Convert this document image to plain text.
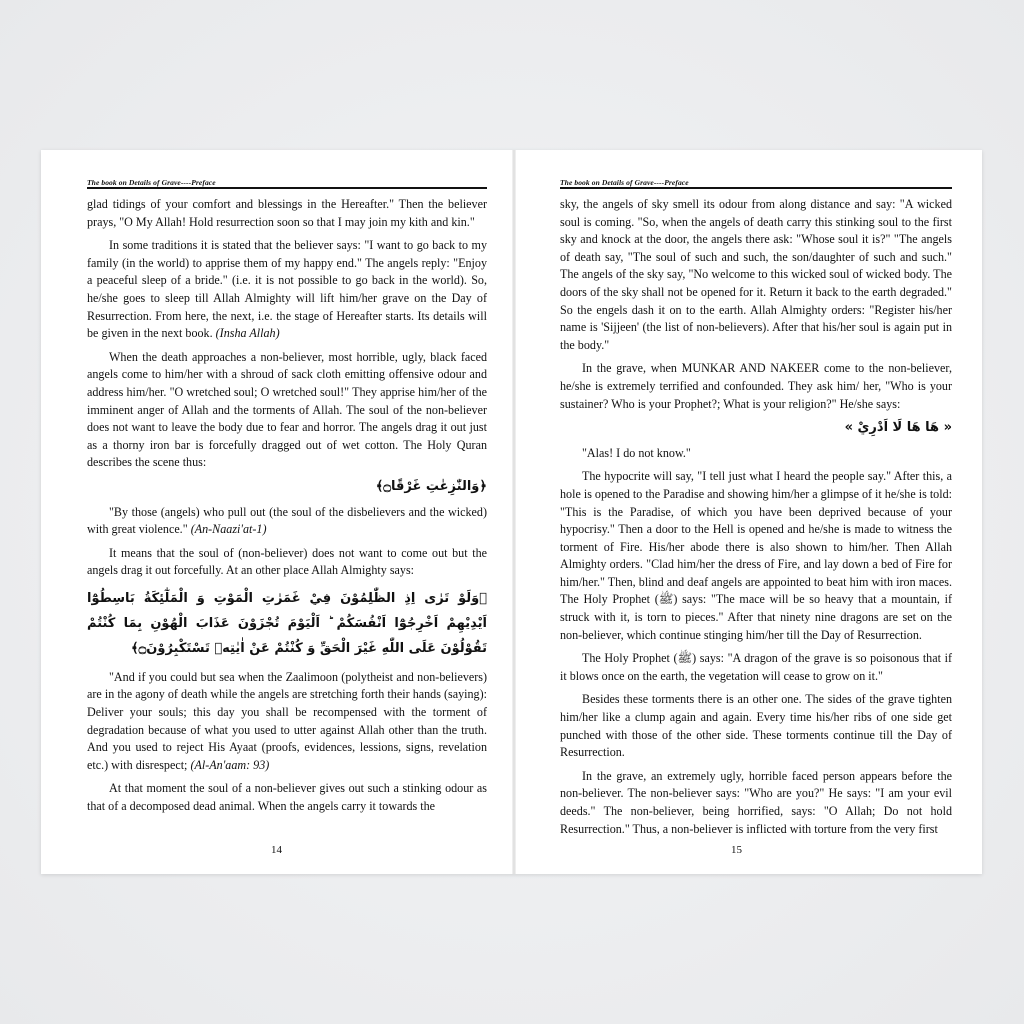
The book on Details of Grave----Preface

glad tidings of your comfort and blessings in the Hereafter." Then the believer prays, "O My Allah! Hold resurrection soon so that I may join my kith and kin."

In some traditions it is stated that the believer says: "I want to go back to my family (in the world) to apprise them of my happy end." The angels reply: "Enjoy a peaceful sleep of a bride." (i.e. it is not possible to go back in the world). So, he/she goes to sleep till Allah Almighty will lift him/her grave on the Day of Resurrection. From here, the next, i.e. the stage of Hereafter starts. Its details will be given in the next book. (Insha Allah)

When the death approaches a non-believer, most horrible, ugly, black faced angels come to him/her with a shroud of sack cloth emitting offensive odour and address him/her. "O wretched soul; O wretched soul!" They apprise him/her of the imminent anger of Allah and the torments of Allah. The soul of the non-believer does not want to leave the body due to fear and horror. The angels drag it out just as a thorny iron bar is forcefully dragged out of wet cotton. The Holy Quran describes the scene thus:

﴿وَالنّٰزِعٰتِ غَرْقًا۝﴾

"By those (angels) who pull out (the soul of the disbelievers and the wicked) with great violence." (An-Naazi'at-1)

It means that the soul of (non-believer) does not want to come out but the angels drag it out forcefully. At an other place Allah Almighty says:

﴿وَلَوْ تَرٰى اِذِ الظّٰلِمُوْنَ فِيْ غَمَرٰتِ الْمَوْتِ وَ الْمَلٰٓئِكَةُ بَاسِطُوْٓا اَيْدِيْهِمْ اَخْرِجُوْٓا اَنْفُسَكُمْ ؕ اَلْيَوْمَ تُجْزَوْنَ عَذَابَ الْهُوْنِ بِمَا كُنْتُمْ تَقُوْلُوْنَ عَلَى اللّٰهِ غَيْرَ الْحَقِّ وَ كُنْتُمْ عَنْ اٰيٰتِهٖ تَسْتَكْبِرُوْنَ۝﴾

"And if you could but sea when the Zaalimoon (polytheist and non-believers) are in the agony of death while the angels are stretching forth their hands (saying): Deliver your souls; this day you shall be recompensed with the torment of degradation because of what you used to utter against Allah other than the truth. And you used to reject His Ayaat (proofs, evidences, lessions, signs, revelation etc.) with disrespect; (Al-An'aam: 93)

At that moment the soul of a non-believer gives out such a stinking odour as that of a decomposed dead animal. When the angels carry it towards the

14
The book on Details of Grave----Preface

sky, the angels of sky smell its odour from along distance and say: "A wicked soul is coming. "So, when the angels of death carry this stinking soul to the first sky and knock at the door, the angels there ask: "Whose soul it is?" "The angels of death say, "The soul of such and such, the son/daughter of such and such." The angels of the sky say, "No welcome to this wicked soul of wicked body. The doors of the sky shall not be opened for it. Return it back to the earth degraded." So the engels dash it on to the earth. Allah Almighty orders: "Register his/her name is 'Sijjeen' (the list of non-believers). After that his/her soul is again put in the body."

In the grave, when MUNKAR AND NAKEER come to the non-believer, he/she is extremely terrified and confounded. They ask him/ her, "Who is your sustainer? Who is your Prophet?; What is your religion?" He/she says:

« هَا هَا لَا اَدْرِيْ »

"Alas! I do not know."

The hypocrite will say, "I tell just what I heard the people say." After this, a hole is opened to the Paradise and showing him/her a glimpse of it he/she is told: "This is the Paradise, of which you have been deprived because of your hypocrisy." Then a door to the Hell is opened and he/she is made to witness the torment of Fire. His/her abode there is also shown to him/her. Then Allah Almighty orders. "Clad him/her the dress of Fire, and lay down a bed of Fire for him/her." Then, blind and deaf angels are appointed to beat him with iron maces. The Holy Prophet (ﷺ) says: "The mace will be so heavy that a mountain, if struck with it, is torn to pieces." After that ninety nine dragons are set on the non-believer, which continue stinging him/her till the Day of Resurrection.

The Holy Prophet (ﷺ) says: "A dragon of the grave is so poisonous that if it blows once on the earth, the vegetation will cease to grow on it."

Besides these torments there is an other one. The sides of the grave tighten him/her like a clump again and again. Every time his/her ribs of one side get punched with those of the other side. These torments continue till the Day of Resurrection.

In the grave, an extremely ugly, horrible faced person appears before the non-believer. The non-believer says: "Who are you?" He says: "I am your evil deeds." The non-believer, being horrified, says: "O Allah; Do not hold Resurrection." Thus, a non-believer is inflicted with torture from the very first

15
